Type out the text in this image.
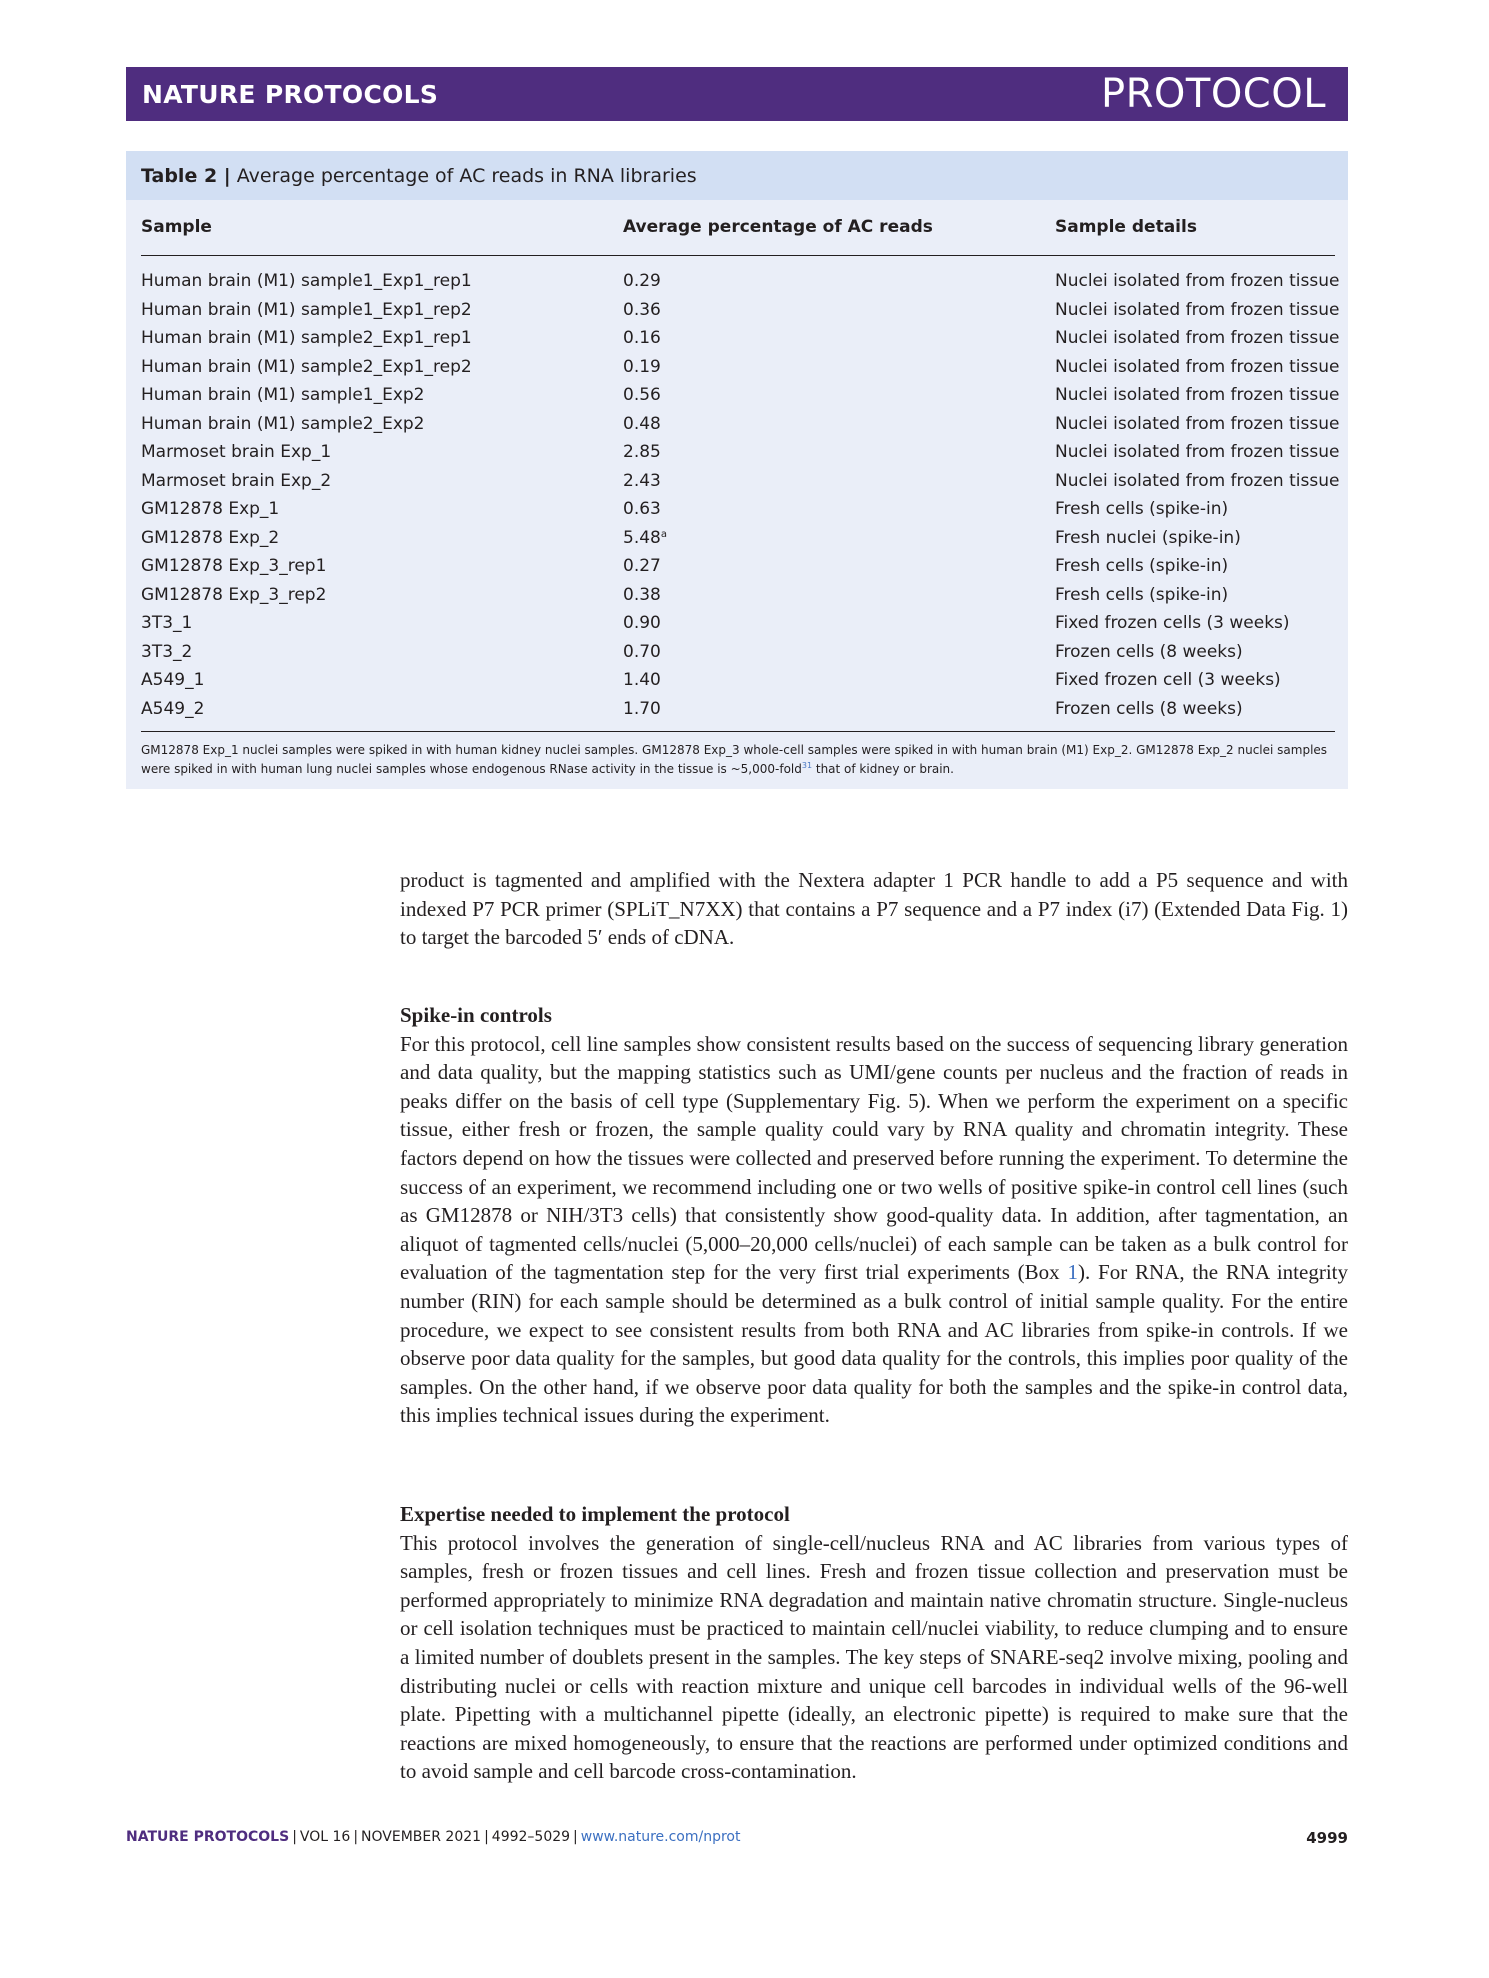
NATURE PROTOCOLS	PROTOCOL
Table 2 | Average percentage of AC reads in RNA libraries
Sample	Average percentage of AC reads	Sample details
Human brain (M1) sample1_Exp1_rep1	0.29	Nuclei isolated from frozen tissue
Human brain (M1) sample1_Exp1_rep2	0.36	Nuclei isolated from frozen tissue
Human brain (M1) sample2_Exp1_rep1	0.16	Nuclei isolated from frozen tissue
Human brain (M1) sample2_Exp1_rep2	0.19	Nuclei isolated from frozen tissue
Human brain (M1) sample1_Exp2	0.56	Nuclei isolated from frozen tissue
Human brain (M1) sample2_Exp2	0.48	Nuclei isolated from frozen tissue
Marmoset brain Exp_1	2.85	Nuclei isolated from frozen tissue
Marmoset brain Exp_2	2.43	Nuclei isolated from frozen tissue
GM12878 Exp_1	0.63	Fresh cells (spike-in)
GM12878 Exp_2	5.48$^a$	Fresh nuclei (spike-in)
GM12878 Exp_3_rep1	0.27	Fresh cells (spike-in)
GM12878 Exp_3_rep2	0.38	Fresh cells (spike-in)
3T3_1	0.90	Fixed frozen cells (3 weeks)
3T3_2	0.70	Frozen cells (8 weeks)
A549_1	1.40	Fixed frozen cell (3 weeks)
A549_2	1.70	Frozen cells (8 weeks)
GM12878 Exp_1 nuclei samples were spiked in with human kidney nuclei samples. GM12878 Exp_3 whole-cell samples were spiked in with human brain (M1) Exp_2. GM12878 Exp_2 nuclei samples were spiked in with human lung nuclei samples whose endogenous RNase activity in the tissue is ~5,000-fold$^{31}$ that of kidney or brain.

product is tagmented and amplified with the Nextera adapter 1 PCR handle to add a P5 sequence and with indexed P7 PCR primer (SPLiT_N7XX) that contains a P7 sequence and a P7 index (i7) (Extended Data Fig. 1) to target the barcoded 5′ ends of cDNA.

Spike-in controls

For this protocol, cell line samples show consistent results based on the success of sequencing library generation and data quality, but the mapping statistics such as UMI/gene counts per nucleus and the fraction of reads in peaks differ on the basis of cell type (Supplementary Fig. 5). When we perform the experiment on a specific tissue, either fresh or frozen, the sample quality could vary by RNA quality and chromatin integrity. These factors depend on how the tissues were collected and preserved before running the experiment. To determine the success of an experiment, we recommend including one or two wells of positive spike-in control cell lines (such as GM12878 or NIH/3T3 cells) that consistently show good-quality data. In addition, after tagmentation, an aliquot of tagmented cells/nuclei (5,000–20,000 cells/nuclei) of each sample can be taken as a bulk control for evaluation of the tagmentation step for the very first trial experiments (Box 1). For RNA, the RNA integrity number (RIN) for each sample should be determined as a bulk control of initial sample quality. For the entire procedure, we expect to see consistent results from both RNA and AC libraries from spike-in controls. If we observe poor data quality for the samples, but good data quality for the controls, this implies poor quality of the samples. On the other hand, if we observe poor data quality for both the samples and the spike-in control data, this implies technical issues during the experiment.

Expertise needed to implement the protocol

This protocol involves the generation of single-cell/nucleus RNA and AC libraries from various types of samples, fresh or frozen tissues and cell lines. Fresh and frozen tissue collection and preservation must be performed appropriately to minimize RNA degradation and maintain native chromatin structure. Single-nucleus or cell isolation techniques must be practiced to maintain cell/nuclei viability, to reduce clumping and to ensure a limited number of doublets present in the samples. The key steps of SNARE-seq2 involve mixing, pooling and distributing nuclei or cells with reaction mixture and unique cell barcodes in individual wells of the 96-well plate. Pipetting with a multichannel pipette (ideally, an electronic pipette) is required to make sure that the reactions are mixed homogeneously, to ensure that the reactions are performed under optimized conditions and to avoid sample and cell barcode cross-contamination.

NATURE PROTOCOLS | VOL 16 | NOVEMBER 2021 | 4992–5029 | www.nature.com/nprot	4999
